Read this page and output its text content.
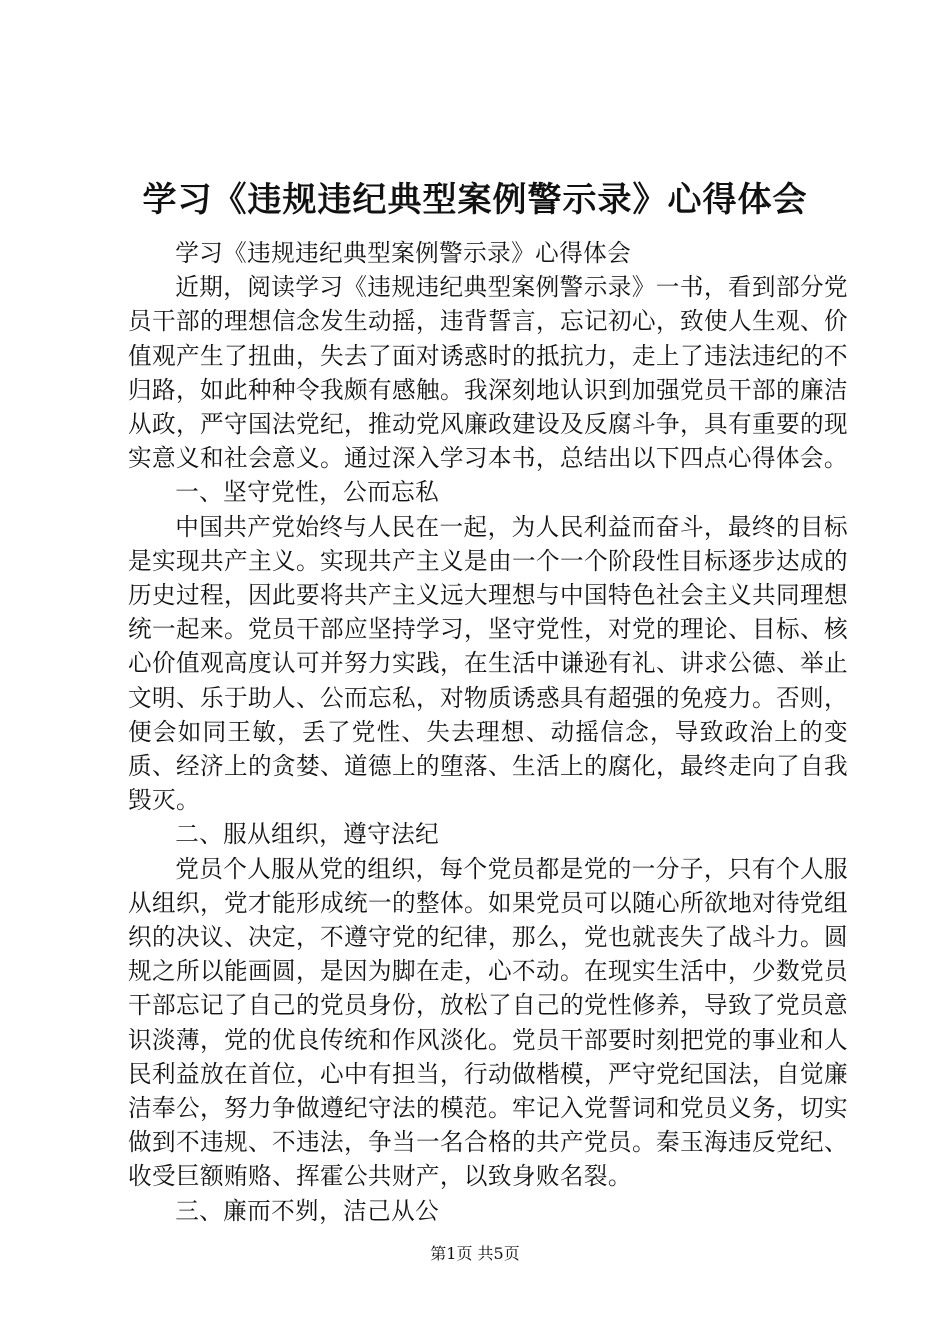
学习《违规违纪典型案例警示录》心得体会

学习《违规违纪典型案例警示录》心得体会

近期，阅读学习《违规违纪典型案例警示录》一书，看到部分党员干部的理想信念发生动摇，违背誓言，忘记初心，致使人生观、价值观产生了扭曲，失去了面对诱惑时的抵抗力，走上了违法违纪的不归路，如此种种令我颇有感触。我深刻地认识到加强党员干部的廉洁从政，严守国法党纪，推动党风廉政建设及反腐斗争，具有重要的现实意义和社会意义。通过深入学习本书，总结出以下四点心得体会。

一、坚守党性，公而忘私

中国共产党始终与人民在一起，为人民利益而奋斗，最终的目标是实现共产主义。实现共产主义是由一个一个阶段性目标逐步达成的历史过程，因此要将共产主义远大理想与中国特色社会主义共同理想统一起来。党员干部应坚持学习，坚守党性，对党的理论、目标、核心价值观高度认可并努力实践，在生活中谦逊有礼、讲求公德、举止文明、乐于助人、公而忘私，对物质诱惑具有超强的免疫力。否则，便会如同王敏，丢了党性、失去理想、动摇信念，导致政治上的变质、经济上的贪婪、道德上的堕落、生活上的腐化，最终走向了自我毁灭。

二、服从组织，遵守法纪

党员个人服从党的组织，每个党员都是党的一分子，只有个人服从组织，党才能形成统一的整体。如果党员可以随心所欲地对待党组织的决议、决定，不遵守党的纪律，那么，党也就丧失了战斗力。圆规之所以能画圆，是因为脚在走，心不动。在现实生活中，少数党员干部忘记了自己的党员身份，放松了自己的党性修养，导致了党员意识淡薄，党的优良传统和作风淡化。党员干部要时刻把党的事业和人民利益放在首位，心中有担当，行动做楷模，严守党纪国法，自觉廉洁奉公，努力争做遵纪守法的模范。牢记入党誓词和党员义务，切实做到不违规、不违法，争当一名合格的共产党员。秦玉海违反党纪、收受巨额贿赂、挥霍公共财产，以致身败名裂。

三、廉而不刿，洁己从公

第1页 共5页
